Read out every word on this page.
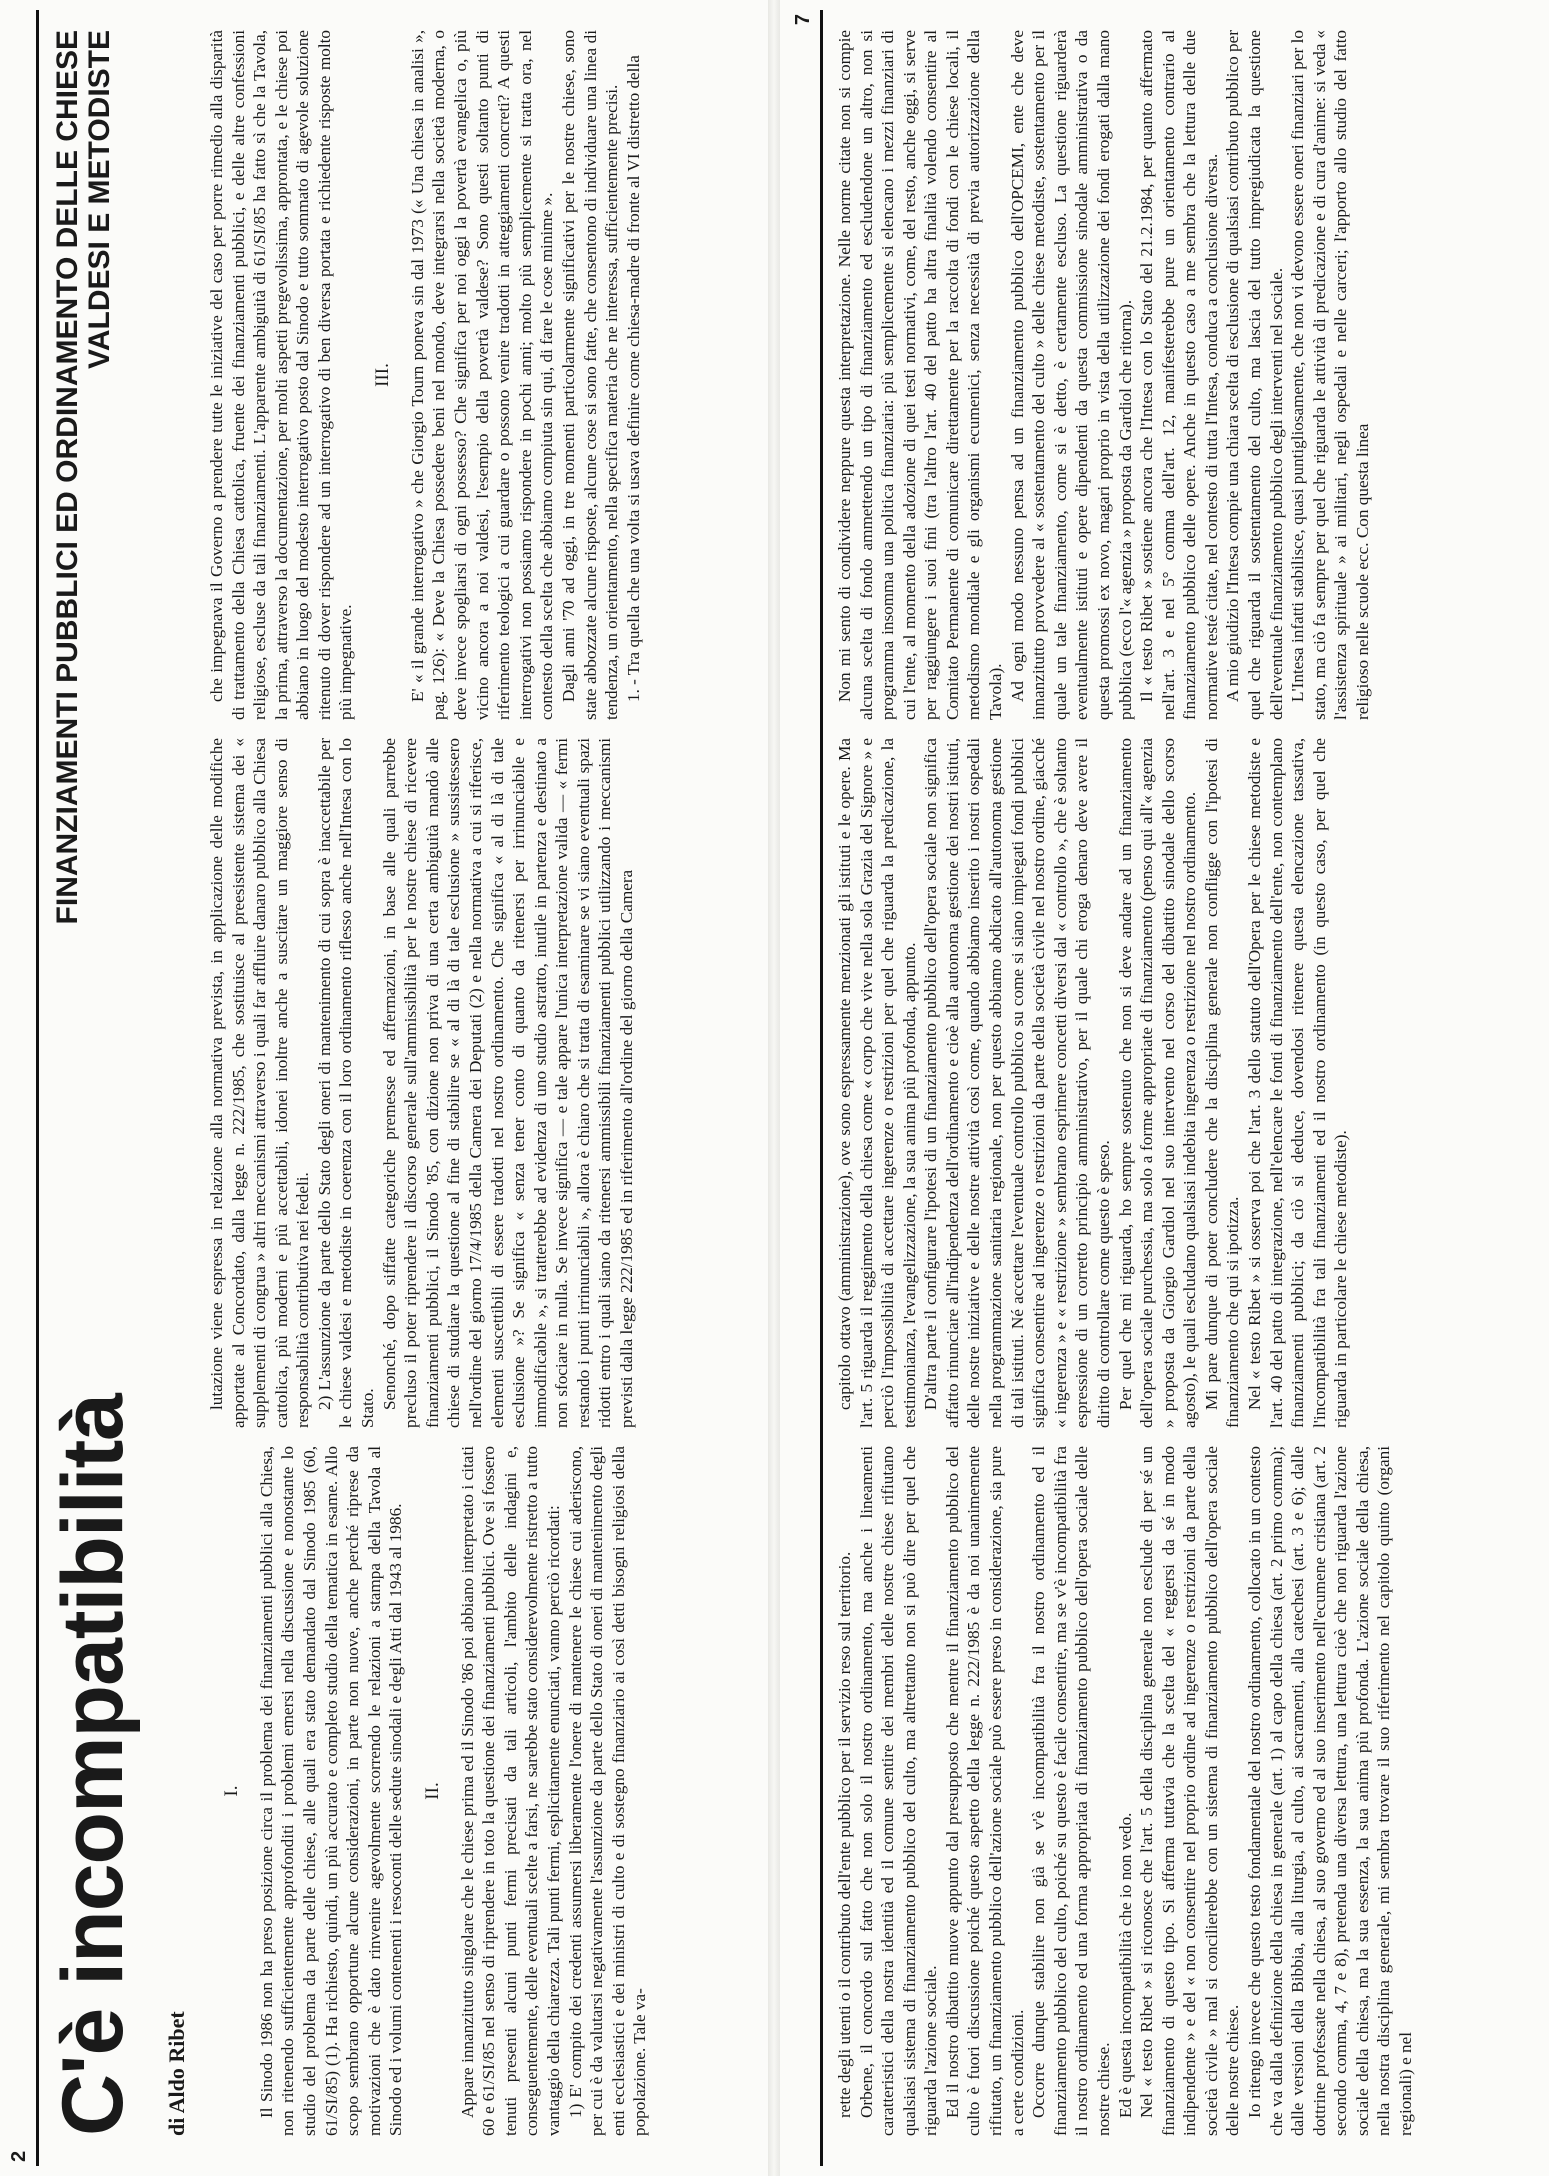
2
C'è incompatibilità
FINANZIAMENTI PUBBLICI ED ORDINAMENTO DELLE CHIESE VALDESI E METODISTE
di Aldo Ribet
I. Il Sinodo 1986 non ha preso posizione circa il problema dei finanziamenti pubblici alla Chiesa, non ritenendo sufficientemente approfonditi i problemi emersi nella discussione e nonostante lo studio del problema da parte delle chiese, alle quali era stato demandato dal Sinodo 1985 (60, 61/SI/85) (1). Ha richiesto, quindi, un più accurato e completo studio della tematica in esame. Allo scopo sembrano opportune alcune considerazioni, in parte non nuove, anche perché riprese da motivazioni che è dato rinvenire agevolmente scorrendo le relazioni a stampa della Tavola al Sinodo ed i volumi contenenti i resoconti delle sedute sinodali e degli Atti dal 1943 al 1986. II. Appare innanzitutto singolare che le chiese prima ed il Sinodo '86 poi abbiano interpretato i citati 60 e 61/SI/85 nel senso di riprendere in toto la questione dei finanziamenti pubblici. Ove si fossero tenuti presenti alcuni punti fermi precisati da tali articoli, l'ambito delle indagini e, conseguentemente, delle eventuali scelte a farsi, ne sarebbe stato considerevolmente ristretto a tutto vantaggio della chiarezza. Tali punti fermi, esplicitamente enunciati, vanno perciò ricordati: 1) E' compito dei credenti assumersi liberamente l'onere di mantenere le chiese cui aderiscono, per cui è da valutarsi negativamente l'assunzione da parte dello Stato di oneri di mantenimento degli enti ecclesiastici e dei ministri di culto e di sostegno finanziario ai così detti bisogni religiosi della popolazione. Tale va-

lutazione viene espressa in relazione alla normativa prevista, in applicazione delle modifiche apportate al Concordato, dalla legge n. 222/1985, che sostituisce al preesistente sistema dei « supplementi di congrua » altri meccanismi attraverso i quali far affluire danaro pubblico alla Chiesa cattolica, più moderni e più accettabili, idonei inoltre anche a suscitare un maggiore senso di responsabilità contributiva nei fedeli. 2) L'assunzione da parte dello Stato degli oneri di mantenimento di cui sopra è inaccettabile per le chiese valdesi e metodiste in coerenza con il loro ordinamento riflesso anche nell'Intesa con lo Stato. Senonché, dopo siffatte categoriche premesse ed affermazioni, in base alle quali parrebbe precluso il poter riprendere il discorso generale sull'ammissibilità per le nostre chiese di ricevere finanziamenti pubblici, il Sinodo '85, con dizione non priva di una certa ambiguità mandò alle chiese di studiare la questione al fine di stabilire se « al di là di tale esclusione » sussistessero nell'ordine del giorno 17/4/1985 della Camera dei Deputati (2) e nella normativa a cui si riferisce, elementi suscettibili di essere tradotti nel nostro ordinamento. Che significa « al di là di tale esclusione »? Se significa « senza tener conto di quanto da ritenersi per irrinunciabile e immodificabile », si tratterebbe ad evidenza di uno studio astratto, inutile in partenza e destinato a non sfociare in nulla. Se invece significa — e tale appare l'unica interpretazione valida — « fermi restando i punti irrinunciabili », allora è chiaro che si tratta di esaminare se vi siano eventuali spazi ridotti entro i quali siano da ritenersi ammissibili finanziamenti pubblici utilizzando i meccanismi previsti dalla legge 222/1985 ed in riferimento all'ordine del giorno della Camera

che impegnava il Governo a prendere tutte le iniziative del caso per porre rimedio alla disparità di trattamento della Chiesa cattolica, fruente dei finanziamenti pubblici, e delle altre confessioni religiose, escluse da tali finanziamenti. L'apparente ambiguità di 61/SI/85 ha fatto sì che la Tavola, la prima, attraverso la documentazione, per molti aspetti pregevolissima, approntata, e le chiese poi abbiano in luogo del modesto interrogativo posto dal Sinodo e tutto sommato di agevole soluzione ritenuto di dover rispondere ad un interrogativo di ben diversa portata e richiedente risposte molto più impegnative.

III. E' « il grande interrogativo » che Giorgio Tourn poneva sin dal 1973 (« Una chiesa in analisi », pag. 126): « Deve la Chiesa possedere beni nel mondo, deve integrarsi nella società moderna, o deve invece spogliarsi di ogni possesso? Che significa per noi oggi la povertà evangelica o, più vicino ancora a noi valdesi, l'esempio della povertà valdese? Sono questi soltanto punti di riferimento teologici a cui guardare o possono venire tradotti in atteggiamenti concreti? A questi interrogativi non possiamo rispondere in pochi anni; molto più semplicemente si tratta ora, nel contesto della scelta che abbiamo compiuta sin qui, di fare le cose minime ». Dagli anni '70 ad oggi, in tre momenti particolarmente significativi per le nostre chiese, sono state abbozzate alcune risposte, alcune cose si sono fatte, che consentono di individuare una linea di tendenza, un orientamento, nella specifica materia che ne interessa, sufficientemente precisi. 1. - Tra quella che una volta si usava definire come chiesa-madre di fronte al VI distretto della

7

rette degli utenti o il contributo dell'ente pubblico per il servizio reso sul territorio. Orbene, il concordo sul fatto che non solo il nostro ordinamento, ma anche i lineamenti caratteristici della nostra identità ed il comune sentire dei membri delle nostre chiese rifiutano qualsiasi sistema di finanziamento pubblico del culto, ma altrettanto non si può dire per quel che riguarda l'azione sociale. Ed il nostro dibattito muove appunto dal presupposto che mentre il finanziamento pubblico del culto è fuori discussione poiché questo aspetto della legge n. 222/1985 è da noi unanimemente rifiutato, un finanziamento pubblico dell'azione sociale può essere preso in considerazione, sia pure a certe condizioni. Occorre dunque stabilire non già se v'è incompatibilità fra il nostro ordinamento ed il finanziamento pubblico del culto, poiché su questo è facile consentire, ma se v'è incompatibilità fra il nostro ordinamento ed una forma appropriata di finanziamento pubblico dell'opera sociale delle nostre chiese. Ed è questa incompatibilità che io non vedo. Nel « testo Ribet » si riconosce che l'art. 5 della disciplina generale non esclude di per sé un finanziamento di questo tipo. Si afferma tuttavia che la scelta del « reggersi da sé in modo indipendente » e del « non consentire nel proprio ordine ad ingerenze o restrizioni da parte della società civile » mal si concilierebbe con un sistema di finanziamento pubblico dell'opera sociale delle nostre chiese. Io ritengo invece che questo testo fondamentale del nostro ordinamento, collocato in un contesto che va dalla definizione della chiesa in generale (art. 1) al capo della chiesa (art. 2 primo comma); dalle versioni della Bibbia, alla liturgia, al culto, ai sacramenti, alla catechesi (art. 3 e 6); dalle dottrine professate nella chiesa, al suo governo ed al suo inserimento nell'ecumene cristiana (art. 2 secondo comma, 4, 7 e 8), pretenda una diversa lettura, una lettura cioè che non riguarda l'azione sociale della chiesa, ma la sua essenza, la sua anima più profonda. L'azione sociale della chiesa, nella nostra disciplina generale, mi sembra trovare il suo riferimento nel capitolo quinto (organi regionali) e nel

capitolo ottavo (amministrazione), ove sono espressamente menzionati gli istituti e le opere. Ma l'art. 5 riguarda il reggimento della chiesa come « corpo che vive nella sola Grazia del Signore » e perciò l'impossibilità di accettare ingerenze o restrizioni per quel che riguarda la predicazione, la testimonianza, l'evangelizzazione, la sua anima più profonda, appunto. D'altra parte il configurare l'ipotesi di un finanziamento pubblico dell'opera sociale non significa affatto rinunciare all'indipendenza dell'ordinamento e cioè alla autonoma gestione dei nostri istituti, delle nostre iniziative e delle nostre attività così come, quando abbiamo inserito i nostri ospedali nella programmazione sanitaria regionale, non per questo abbiamo abdicato all'autonoma gestione di tali istituti. Né accettare l'eventuale controllo pubblico su come si siano impiegati fondi pubblici significa consentire ad ingerenze o restrizioni da parte della società civile nel nostro ordine, giacché « ingerenza » e « restrizione » sembrano esprimere concetti diversi dal « controllo », che è soltanto espressione di un corretto principio amministrativo, per il quale chi eroga denaro deve avere il diritto di controllare come questo è speso. Per quel che mi riguarda, ho sempre sostenuto che non si deve andare ad un finanziamento dell'opera sociale purchessia, ma solo a forme appropriate di finanziamento (penso qui all'« agenzia » proposta da Giorgio Gardiol nel suo intervento nel corso del dibattito sinodale dello scorso agosto), le quali escludano qualsiasi indebita ingerenza o restrizione nel nostro ordinamento. Mi pare dunque di poter concludere che la disciplina generale non confligge con l'ipotesi di finanziamento che qui si ipotizza. Nel « testo Ribet » si osserva poi che l'art. 3 dello statuto dell'Opera per le chiese metodiste e l'art. 40 del patto di integrazione, nell'elencare le fonti di finanziamento dell'ente, non contemplano finanziamenti pubblici; da ciò si deduce, dovendosi ritenere questa elencazione tassativa, l'incompatibilità fra tali finanziamenti ed il nostro ordinamento (in questo caso, per quel che riguarda in particolare le chiese metodiste).

Non mi sento di condividere neppure questa interpretazione. Nelle norme citate non si compie alcuna scelta di fondo ammettendo un tipo di finanziamento ed escludendone un altro, non si programma insomma una politica finanziaria: più semplicemente si elencano i mezzi finanziari di cui l'ente, al momento della adozione di quei testi normativi, come, del resto, anche oggi, si serve per raggiungere i suoi fini (tra l'altro l'art. 40 del patto ha altra finalità volendo consentire al Comitato Permanente di comunicare direttamente per la raccolta di fondi con le chiese locali, il metodismo mondiale e gli organismi ecumenici, senza necessità di previa autorizzazione della Tavola). Ad ogni modo nessuno pensa ad un finanziamento pubblico dell'OPCEMI, ente che deve innanzitutto provvedere al « sostentamento del culto » delle chiese metodiste, sostentamento per il quale un tale finanziamento, come si è detto, è certamente escluso. La questione riguarderà eventualmente istituti e opere dipendenti da questa commissione sinodale amministrativa o da questa promossi ex novo, magari proprio in vista della utilizzazione dei fondi erogati dalla mano pubblica (ecco l'« agenzia » proposta da Gardiol che ritorna). Il « testo Ribet » sostiene ancora che l'Intesa con lo Stato del 21.2.1984, per quanto affermato nell'art. 3 e nel 5° comma dell'art. 12, manifesterebbe pure un orientamento contrario al finanziamento pubblico delle opere. Anche in questo caso a me sembra che la lettura delle due normative testé citate, nel contesto di tutta l'Intesa, conduca a conclusione diversa. A mio giudizio l'Intesa compie una chiara scelta di esclusione di qualsiasi contributo pubblico per quel che riguarda il sostentamento del culto, ma lascia del tutto impregiudicata la questione dell'eventuale finanziamento pubblico degli interventi nel sociale. L'Intesa infatti stabilisce, quasi puntigliosamente, che non vi devono essere oneri finanziari per lo stato, ma ciò fa sempre per quel che riguarda le attività di predicazione e di cura d'anime: si veda « l'assistenza spirituale » ai militari, negli ospedali e nelle carceri; l'apporto allo studio del fatto religioso nelle scuole ecc. Con questa linea
